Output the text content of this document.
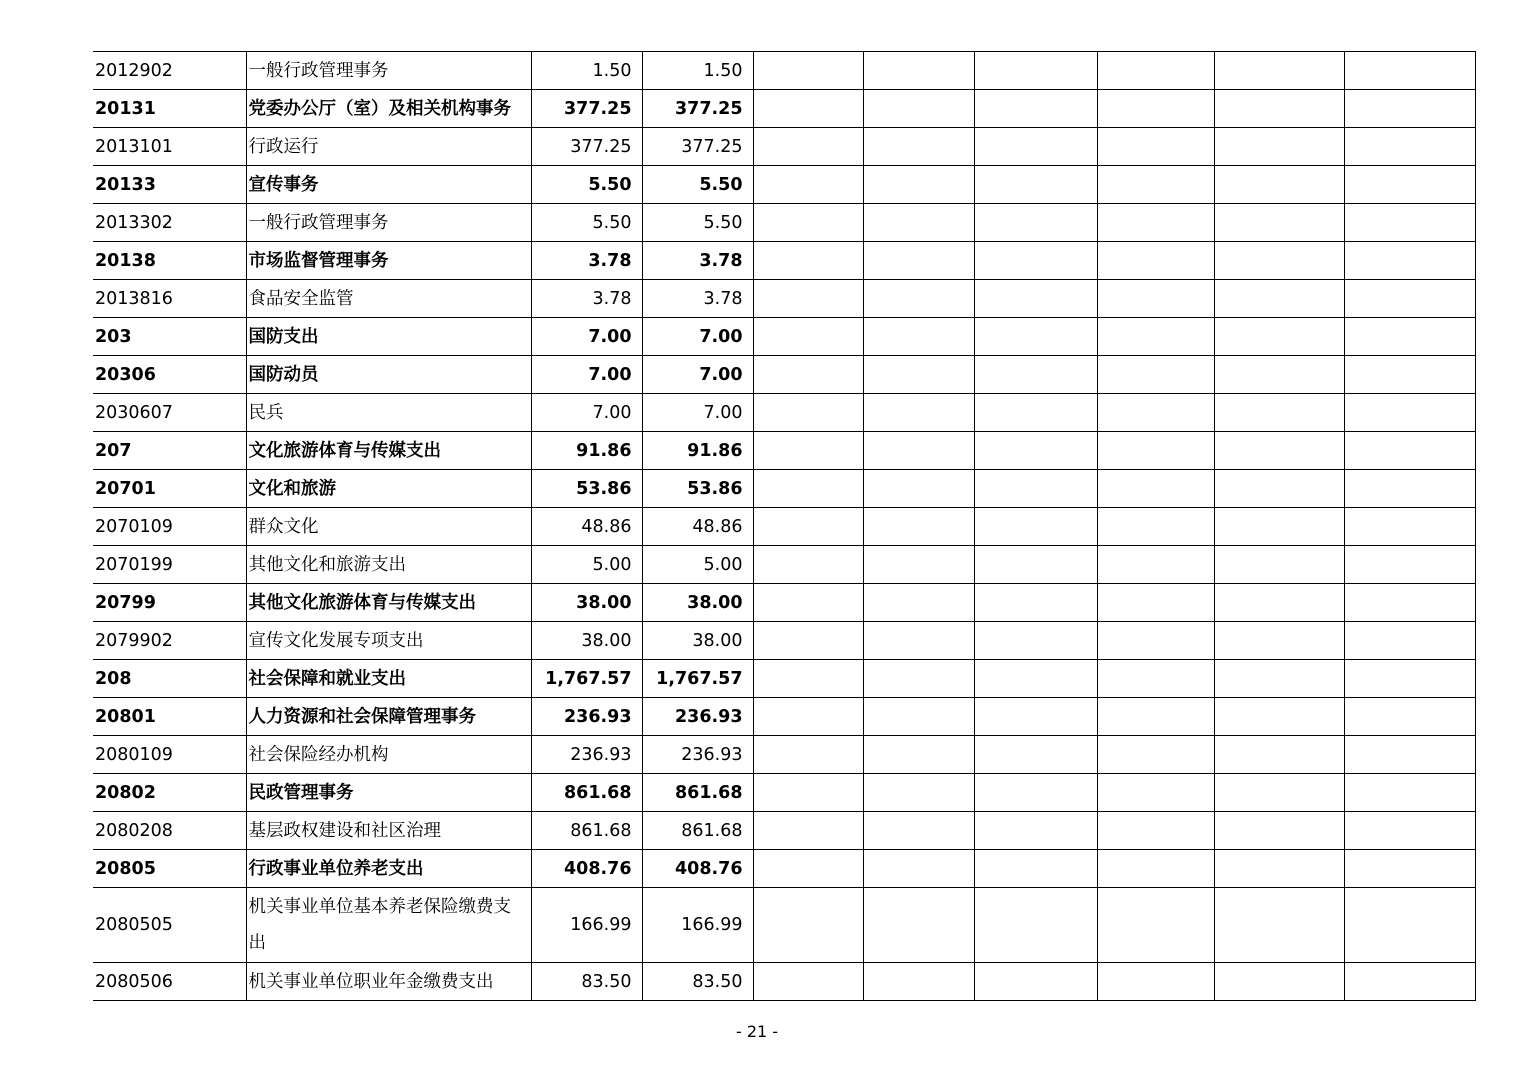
2012902	一般行政管理事务	1.50	1.50						
20131	党委办公厅（室）及相关机构事务	377.25	377.25						
2013101	行政运行	377.25	377.25						
20133	宣传事务	5.50	5.50						
2013302	一般行政管理事务	5.50	5.50						
20138	市场监督管理事务	3.78	3.78						
2013816	食品安全监管	3.78	3.78						
203	国防支出	7.00	7.00						
20306	国防动员	7.00	7.00						
2030607	民兵	7.00	7.00						
207	文化旅游体育与传媒支出	91.86	91.86						
20701	文化和旅游	53.86	53.86						
2070109	群众文化	48.86	48.86						
2070199	其他文化和旅游支出	5.00	5.00						
20799	其他文化旅游体育与传媒支出	38.00	38.00						
2079902	宣传文化发展专项支出	38.00	38.00						
208	社会保障和就业支出	1,767.57	1,767.57						
20801	人力资源和社会保障管理事务	236.93	236.93						
2080109	社会保险经办机构	236.93	236.93						
20802	民政管理事务	861.68	861.68						
2080208	基层政权建设和社区治理	861.68	861.68						
20805	行政事业单位养老支出	408.76	408.76						
2080505	机关事业单位基本养老保险缴费支出	166.99	166.99						
2080506	机关事业单位职业年金缴费支出	83.50	83.50						
- 21 -
